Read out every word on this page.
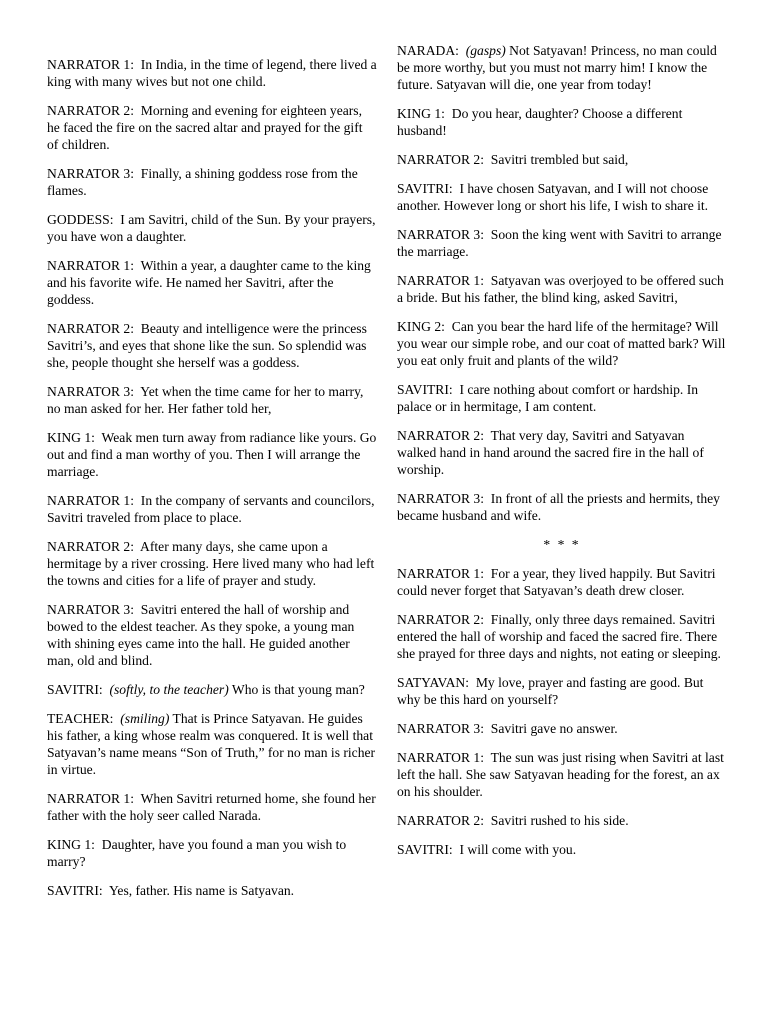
NARRATOR 1: In India, in the time of legend, there lived a king with many wives but not one child.

NARRATOR 2: Morning and evening for eighteen years, he faced the fire on the sacred altar and prayed for the gift of children.

NARRATOR 3: Finally, a shining goddess rose from the flames.

GODDESS: I am Savitri, child of the Sun. By your prayers, you have won a daughter.

NARRATOR 1: Within a year, a daughter came to the king and his favorite wife. He named her Savitri, after the goddess.

NARRATOR 2: Beauty and intelligence were the princess Savitri’s, and eyes that shone like the sun. So splendid was she, people thought she herself was a goddess.

NARRATOR 3: Yet when the time came for her to marry, no man asked for her. Her father told her,

KING 1: Weak men turn away from radiance like yours. Go out and find a man worthy of you. Then I will arrange the marriage.

NARRATOR 1: In the company of servants and councilors, Savitri traveled from place to place.

NARRATOR 2: After many days, she came upon a hermitage by a river crossing. Here lived many who had left the towns and cities for a life of prayer and study.

NARRATOR 3: Savitri entered the hall of worship and bowed to the eldest teacher. As they spoke, a young man with shining eyes came into the hall. He guided another man, old and blind.

SAVITRI: (softly, to the teacher) Who is that young man?

TEACHER: (smiling) That is Prince Satyavan. He guides his father, a king whose realm was conquered. It is well that Satyavan’s name means “Son of Truth,” for no man is richer in virtue.

NARRATOR 1: When Savitri returned home, she found her father with the holy seer called Narada.

KING 1: Daughter, have you found a man you wish to marry?

SAVITRI: Yes, father. His name is Satyavan.

NARADA: (gasps) Not Satyavan! Princess, no man could be more worthy, but you must not marry him! I know the future. Satyavan will die, one year from today!

KING 1: Do you hear, daughter? Choose a different husband!

NARRATOR 2: Savitri trembled but said,

SAVITRI: I have chosen Satyavan, and I will not choose another. However long or short his life, I wish to share it.

NARRATOR 3: Soon the king went with Savitri to arrange the marriage.

NARRATOR 1: Satyavan was overjoyed to be offered such a bride. But his father, the blind king, asked Savitri,

KING 2: Can you bear the hard life of the hermitage? Will you wear our simple robe, and our coat of matted bark? Will you eat only fruit and plants of the wild?

SAVITRI: I care nothing about comfort or hardship. In palace or in hermitage, I am content.

NARRATOR 2: That very day, Savitri and Satyavan walked hand in hand around the sacred fire in the hall of worship.

NARRATOR 3: In front of all the priests and hermits, they became husband and wife.

* * *

NARRATOR 1: For a year, they lived happily. But Savitri could never forget that Satyavan’s death drew closer.

NARRATOR 2: Finally, only three days remained. Savitri entered the hall of worship and faced the sacred fire. There she prayed for three days and nights, not eating or sleeping.

SATYAVAN: My love, prayer and fasting are good. But why be this hard on yourself?

NARRATOR 3: Savitri gave no answer.

NARRATOR 1: The sun was just rising when Savitri at last left the hall. She saw Satyavan heading for the forest, an ax on his shoulder.

NARRATOR 2: Savitri rushed to his side.

SAVITRI: I will come with you.
